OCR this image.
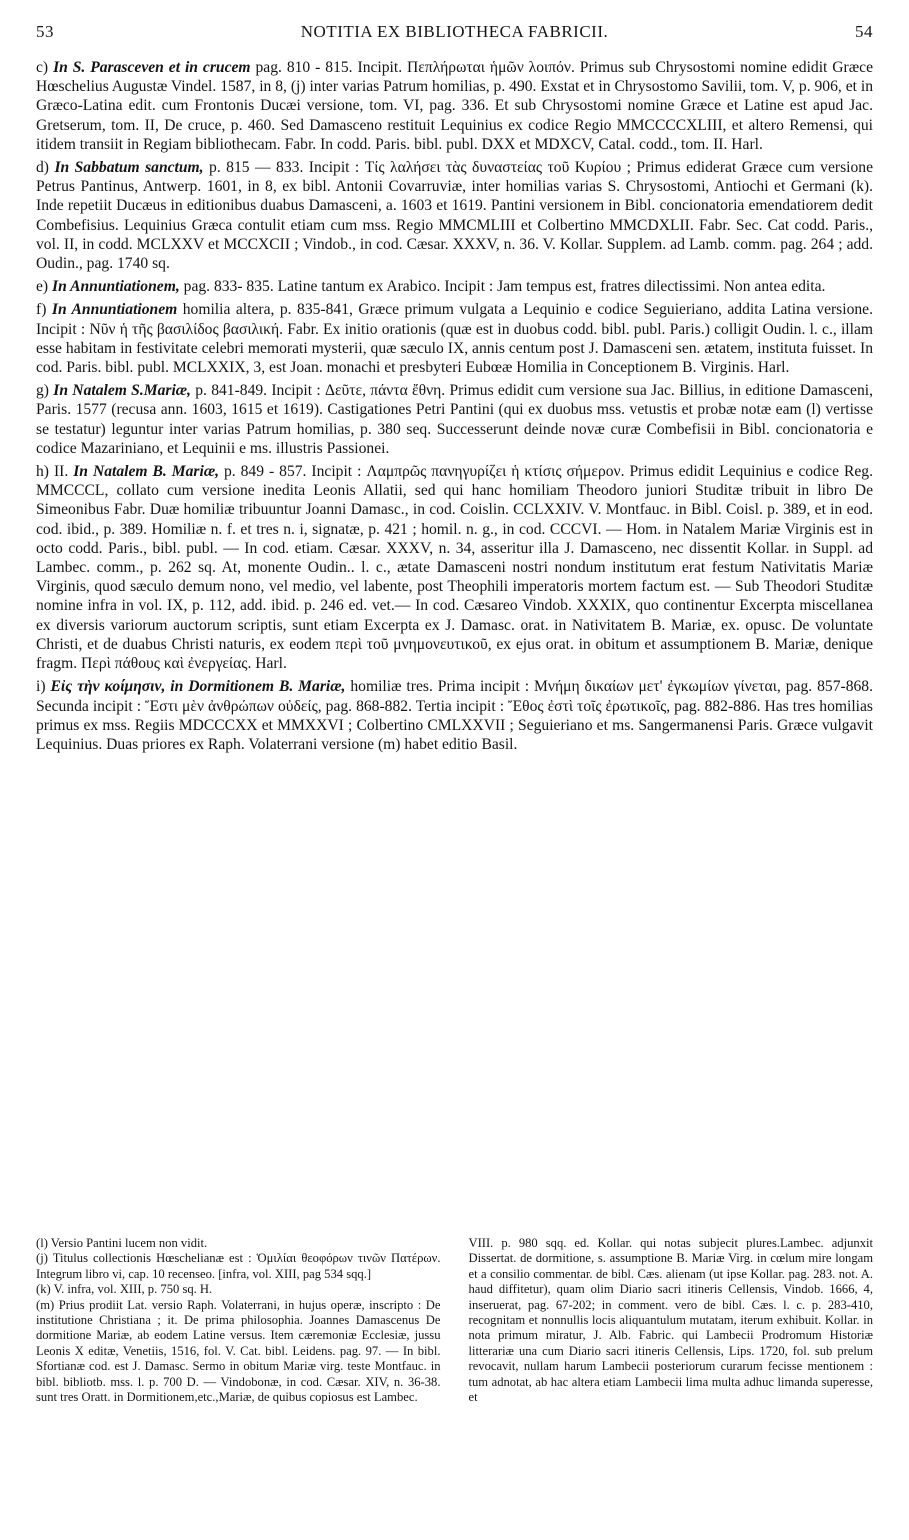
53	NOTITIA EX BIBLIOTHECA FABRICII.	54

c) In S. Parasceven et in crucem pag. 810 - 815. Incipit. Πεπλήρωται ἡμῶν λοιπόν. Primus sub Chrysostomi nomine edidit Græce Hœschelius Augustæ Vindel. 1587, in 8, (j) inter varias Patrum homilias, p. 490. Exstat et in Chrysostomo Savilii, tom. V, p. 906, et in Græco-Latina edit. cum Frontonis Ducæi versione, tom. VI, pag. 336. Et sub Chrysostomi nomine Græce et Latine est apud Jac. Gretserum, tom. II, De cruce, p. 460. Sed Damasceno restituit Lequinius ex codice Regio MMCCCCXLIII, et altero Remensi, qui itidem transiit in Regiam bibliothecam. Fabr. In codd. Paris. bibl. publ. DXX et MDXCV, Catal. codd., tom. II. Harl.

d) In Sabbatum sanctum, p. 815 — 833. Incipit : Τίς λαλήσει τὰς δυναστείας τοῦ Κυρίου ; Primus ediderat Græce cum versione Petrus Pantinus, Antwerp. 1601, in 8, ex bibl. Antonii Covarruviæ, inter homilias varias S. Chrysostomi, Antiochi et Germani (k). Inde repetiit Ducæus in editionibus duabus Damasceni, a. 1603 et 1619. Pantini versionem in Bibl. concionatoria emendatiorem dedit Combefisius. Lequinius Græca contulit etiam cum mss. Regio MMCMLIII et Colbertino MMCDXLII. Fabr. Sec. Cat codd. Paris., vol. II, in codd. MCLXXV et MCCXCII ; Vindob., in cod. Cæsar. XXXV, n. 36. V. Kollar. Supplem. ad Lamb. comm. pag. 264 ; add. Oudin., pag. 1740 sq.

e) In Annuntiationem, pag. 833- 835. Latine tantum ex Arabico. Incipit : Jam tempus est, fratres dilectissimi. Non antea edita.

f) In Annuntiationem homilia altera, p. 835-841, Græce primum vulgata a Lequinio e codice Seguieriano, addita Latina versione. Incipit : Νῦν ἡ τῆς βασιλίδος βασιλική. Fabr. Ex initio orationis (quæ est in duobus codd. bibl. publ. Paris.) colligit Oudin. l. c., illam esse habitam in festivitate celebri memorati mysterii, quæ sæculo IX, annis centum post J. Damasceni sen. ætatem, instituta fuisset. In cod. Paris. bibl. publ. MCLXXIX, 3, est Joan. monachi et presbyteri Eubœæ Homilia in Conceptionem B. Virginis. Harl.

g) In Natalem S.Mariæ, p. 841-849. Incipit : Δεῦτε, πάντα ἔθνη. Primus edidit cum versione sua Jac. Billius, in editione Damasceni, Paris. 1577 (recusa ann. 1603, 1615 et 1619). Castigationes Petri Pantini (qui ex duobus mss. vetustis et probæ notæ eam (l) vertisse se testatur) leguntur inter varias Patrum homilias, p. 380 seq. Successerunt deinde novæ curæ Combefisii in Bibl. concionatoria e codice Mazariniano, et Lequinii e ms. illustris Passionei.

h) II. In Natalem B. Mariæ, p. 849 - 857. Incipit : Λαμπρῶς πανηγυρίζει ἡ κτίσις σήμερον. Primus edidit Lequinius e codice Reg. MMCCCL, collato cum versione inedita Leonis Allatii, sed qui hanc homiliam Theodoro juniori Studitæ tribuit in libro De Simeonibus Fabr. Duæ homiliæ tribuuntur Joanni Damasc., in cod. Coislin. CCLXXIV. V. Montfauc. in Bibl. Coisl. p. 389, et in eod. cod. ibid., p. 389. Homiliæ n. f. et tres n. i, signatæ, p. 421 ; homil. n. g., in cod. CCCVI. — Hom. in Natalem Mariæ Virginis est in octo codd. Paris., bibl. publ. — In cod. etiam. Cæsar. XXXV, n. 34, asseritur illa J. Damasceno, nec dissentit Kollar. in Suppl. ad Lambec. comm., p. 262 sq. At, monente Oudin.. l. c., ætate Damasceni nostri nondum institutum erat festum Nativitatis Mariæ Virginis, quod sæculo demum nono, vel medio, vel labente, post Theophili imperatoris mortem factum est. — Sub Theodori Studitæ nomine infra in vol. IX, p. 112, add. ibid. p. 246 ed. vet.— In cod. Cæsareo Vindob. XXXIX, quo continentur Excerpta miscellanea ex diversis variorum auctorum scriptis, sunt etiam Excerpta ex J. Damasc. orat. in Nativitatem B. Mariæ, ex. opusc. De voluntate Christi, et de duabus Christi naturis, ex eodem περὶ τοῦ μνημονευτικοῦ, ex ejus orat. in obitum et assumptionem B. Mariæ, denique fragm. Περὶ πάθους καὶ ἐνεργείας. Harl.

i) Εἰς τὴν κοίμησιν, in Dormitionem B. Mariæ, homiliæ tres. Prima incipit : Μνήμη δικαίων μετ' ἐγκωμίων γίνεται, pag. 857-868. Secunda incipit : Ἔστι μὲν ἀνθρώπων οὐδείς, pag. 868-882. Tertia incipit : Ἔθος ἐστὶ τοῖς ἐρωτικοῖς, pag. 882-886. Has tres homilias primus ex mss. Regiis MDCCCXX et MMXXVI ; Colbertino CMLXXVII ; Seguieriano et ms. Sangermanensi Paris. Græce vulgavit Lequinius. Duas priores ex Raph. Volaterrani versione (m) habet editio Basil.

(l) Versio Pantini lucem non vidit.

(j) Titulus collectionis Hœschelianæ est : Ὁμιλίαι θεοφόρων τινῶν Πατέρων. Integrum libro vi, cap. 10 recenseo. [infra, vol. XIII, pag 534 sqq.]

(k) V. infra, vol. XIII, p. 750 sq. H.

(m) Prius prodiit Lat. versio Raph. Volaterrani, in hujus operæ, inscripto : De institutione Christiana ; it. De prima philosophia. Joannes Damascenus De dormitione Mariæ, ab eodem Latine versus. Item cæremoniæ Ecclesiæ, jussu Leonis X editæ, Venetiis, 1516, fol. V. Cat. bibl. Leidens. pag. 97. — In bibl. Sfortianæ cod. est J. Damasc. Sermo in obitum Mariæ virg. teste Montfauc. in bibl. bibliotb. mss. l. p. 700 D. — Vindobonæ, in cod. Cæsar. XIV, n. 36-38. sunt tres Oratt. in Dormitionem,etc.,Mariæ, de quibus copiosus est Lambec.

VIII. p. 980 sqq. ed. Kollar. qui notas subjecit plures.Lambec. adjunxit Dissertat. de dormitione, s. assumptione B. Mariæ Virg. in cœlum mire longam et a consilio commentar. de bibl. Cæs. alienam (ut ipse Kollar. pag. 283. not. A. haud diffitetur), quam olim Diario sacri itineris Cellensis, Vindob. 1666, 4, inseruerat, pag. 67-202; in comment. vero de bibl. Cæs. l. c. p. 283-410, recognitam et nonnullis locis aliquantulum mutatam, iterum exhibuit. Kollar. in nota primum miratur, J. Alb. Fabric. qui Lambecii Prodromum Historiæ litterariæ una cum Diario sacri itineris Cellensis, Lips. 1720, fol. sub prelum revocavit, nullam harum Lambecii posteriorum curarum fecisse mentionem : tum adnotat, ab hac altera etiam Lambecii lima multa adhuc limanda superesse, et
